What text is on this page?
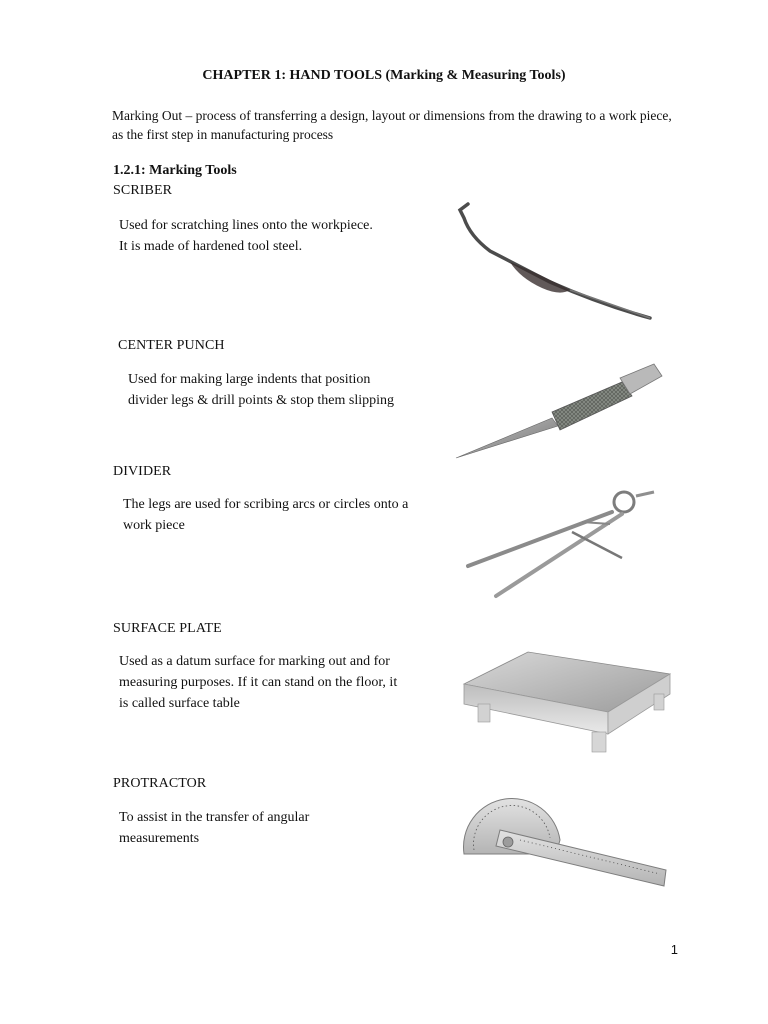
CHAPTER 1: HAND TOOLS (Marking & Measuring Tools)
Marking Out – process of transferring a design, layout or dimensions from the drawing to a work piece, as the first step in manufacturing process
1.2.1: Marking Tools
SCRIBER
Used for scratching lines onto the workpiece.
It is made of hardened tool steel.
CENTER PUNCH
Used for making large indents that position
divider legs & drill points & stop them slipping
DIVIDER
The legs are used for scribing arcs or circles onto a
work piece
SURFACE PLATE
Used as a datum surface for marking out and for
measuring purposes. If it can stand on the floor, it
is called surface table
PROTRACTOR
To assist in the transfer of angular
measurements
1
